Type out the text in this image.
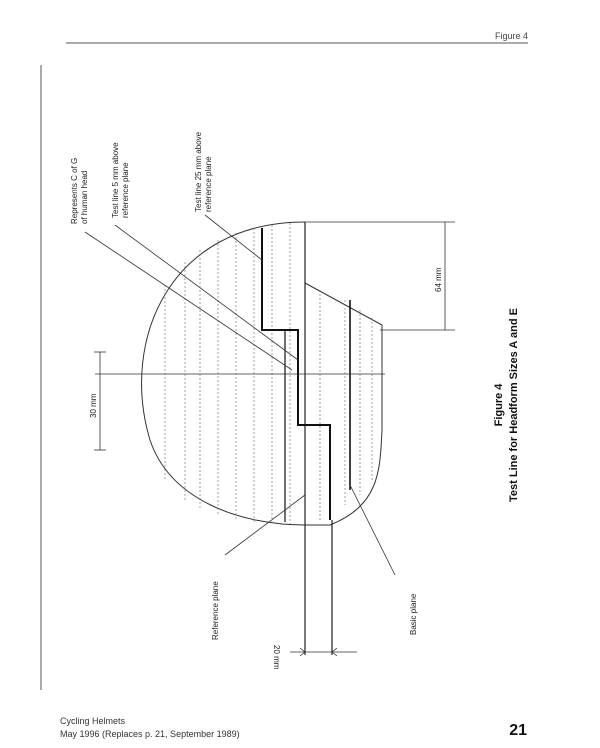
Figure 4
Represents C of G of human head	Test line 5 mm above reference plane	Test line 25 mm above reference plane
30 mm
64 mm
Reference plane	Basic plane
20 mm
Figure 4 Test Line for Headform Sizes A and E
Cycling Helmets
May 1996 (Replaces p. 21, September 1989)	21
